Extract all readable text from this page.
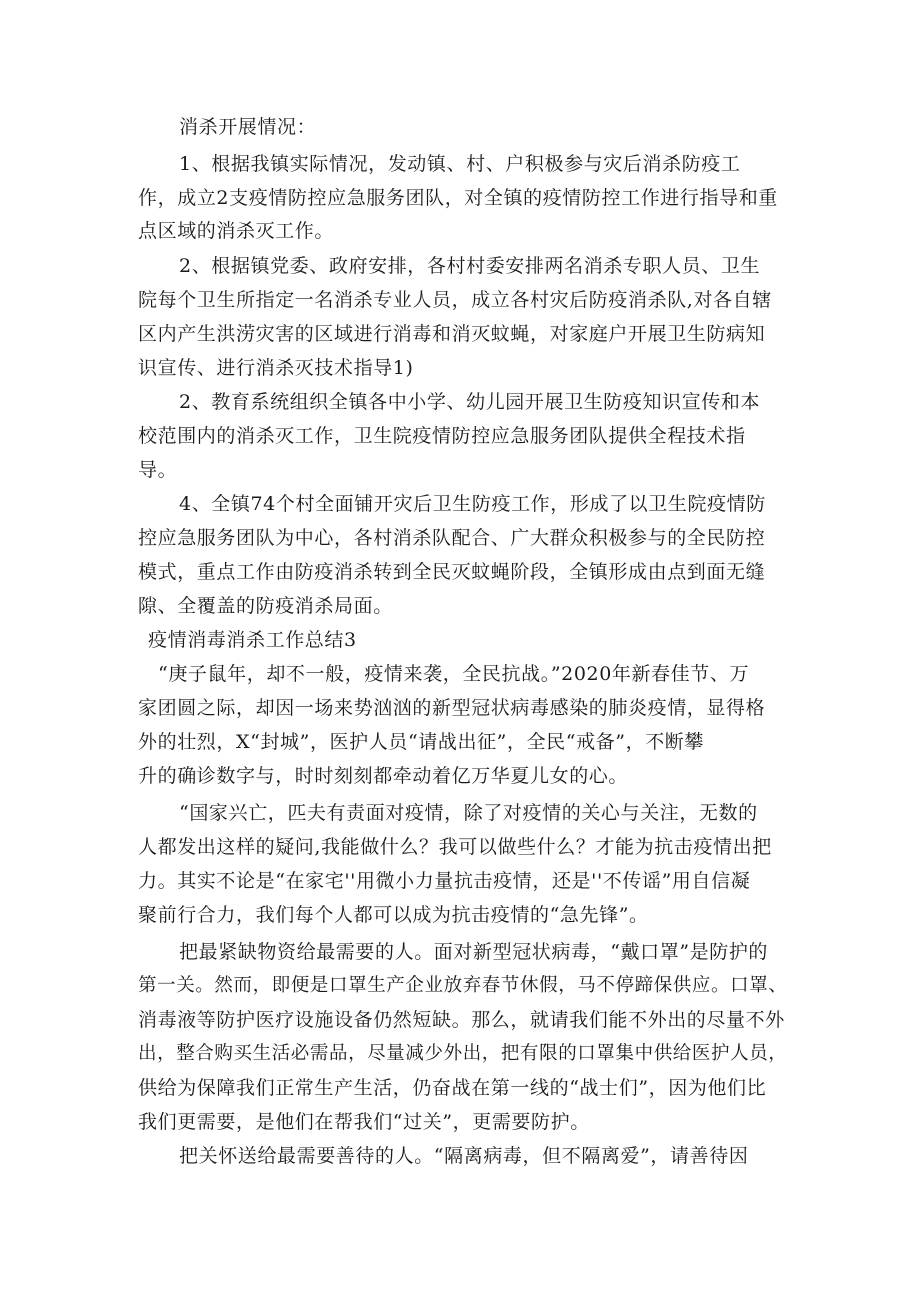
消杀开展情况：
1、根据我镇实际情况，发动镇、村、户积极参与灾后消杀防疫工
作，成立2支疫情防控应急服务团队，对全镇的疫情防控工作进行指导和重
点区域的消杀灭工作。
2、根据镇党委、政府安排，各村村委安排两名消杀专职人员、卫生
院每个卫生所指定一名消杀专业人员，成立各村灾后防疫消杀队,对各自辖
区内产生洪涝灾害的区域进行消毒和消灭蚊蝇，对家庭户开展卫生防病知
识宣传、进行消杀灭技术指导1)
2、教育系统组织全镇各中小学、幼儿园开展卫生防疫知识宣传和本
校范围内的消杀灭工作，卫生院疫情防控应急服务团队提供全程技术指
导。
4、全镇74个村全面铺开灾后卫生防疫工作，形成了以卫生院疫情防
控应急服务团队为中心，各村消杀队配合、广大群众积极参与的全民防控
模式，重点工作由防疫消杀转到全民灭蚊蝇阶段，全镇形成由点到面无缝
隙、全覆盖的防疫消杀局面。
疫情消毒消杀工作总结3
“庚子鼠年，却不一般，疫情来袭，全民抗战。”2020年新春佳节、万
家团圆之际，却因一场来势汹汹的新型冠状病毒感染的肺炎疫情，显得格
外的壮烈，X“封城”，医护人员“请战出征”，全民“戒备”，不断攀
升的确诊数字与，时时刻刻都牵动着亿万华夏儿女的心。
“国家兴亡，匹夫有责面对疫情，除了对疫情的关心与关注，无数的
人都发出这样的疑问,我能做什么？我可以做些什么？才能为抗击疫情出把
力。其实不论是“在家宅''用微小力量抗击疫情，还是''不传谣”用自信凝
聚前行合力，我们每个人都可以成为抗击疫情的“急先锋”。
把最紧缺物资给最需要的人。面对新型冠状病毒，“戴口罩”是防护的
第一关。然而，即便是口罩生产企业放弃春节休假，马不停蹄保供应。口罩、
消毒液等防护医疗设施设备仍然短缺。那么，就请我们能不外出的尽量不外
出，整合购买生活必需品，尽量减少外出，把有限的口罩集中供给医护人员，
供给为保障我们正常生产生活，仍奋战在第一线的“战士们”，因为他们比
我们更需要，是他们在帮我们“过关”，更需要防护。
把关怀送给最需要善待的人。“隔离病毒，但不隔离爱”，请善待因
